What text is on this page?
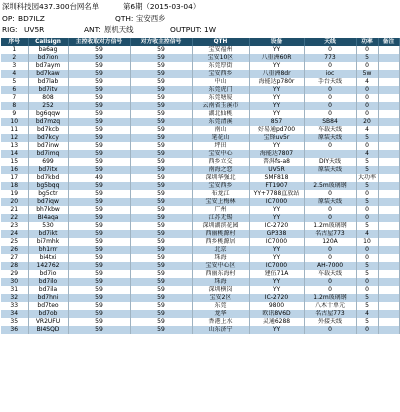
深圳科技园437.300台网名单	第6期（2015-03-04）
OP: BD7ILZ	QTH: 宝安西乡
RIG: UV5R	ANT: 原机天线	OUTPUT: 1W
序号	Callsign	主控收取对方信号	对方收主控信号	QTH	设备	天线	功率	备注
1	ba6ag	59	59	宝安福州	YY	0	0	
2	bd7ion	59	59	宝安10区	八重洲60R	773	5	
3	bd7aym	59	59	东莞厚街	YY	0	0	
4	bd7kaw	59	59	宝安西乡	八重洲8dr	ioc	5w	
5	bd7lab	59	59	中山	海能达p780r	手台天线	4	
6	bd7itv	59	59	东莞虎门	YY	0	0	
7	808	59	59	东莞塘厦	YY	0	0	
8	252	59	59	云南省玉溪市	YY	0	0	
9	bg6qqw	59	59	湖北仙桃	YY	0	0	
10	bd7mzq	59	59	东莞清溪	857	SB84	20	
11	bd7kcb	59	59	南山	好易通pd700	车载天线	4	
12	bd7kcy	59	59	笔花山	宝锋uv5r	原装天线	5	
13	bd7inw	59	59	坪田	YY	0	0	
14	bd7imq	59	59	宝安中心	海能达7807		4	
15	699	59	59	西乡立交	普洱fs-a8	DIY天线	5	
16	bd7itx	59	59	南海之恋	UV5R	原装天线	5	
17	bd7kbd	49	59	深圳华强北	SMF818		大功率	
18	bg5bqq	59	59	宝安西乡	FT1907	2.5m玻璃钢	5	
19	bg5ctr	59	59	布龙江	YY+7788直放站	0	0	
20	bd7iqw	59	59	宝安上梅林	IC7000	原装天线	5	
21	bh7kbw	59	59	广州	YY	0	0	
22	BI4aqa	59	59	江苏无锡	YY	0	0	
23	530	59	59	深圳湖滨花园	IC-2720	1.2m玻璃钢	5	
24	bd7ikt	59	59	西丽桃源村	GP338	名古屋773	4	
25	bi7mhk	59	59	西乡桃源居	IC7000	120A	10	
26	bh1rrr	59	59	北京	YY	0	0	
27	bi4txi	59	59	珠海	YY	0	0	
28	142762	59	59	宝安中心区	IC7000	AH-7000	5	
29	bd7io	59	59	西丽东海村	建伍71A	车载天线	5	
30	bd7ilo	59	59	珠海	YY	0	0	
31	bd7ila	59	59	深圳横岗	YY	0	0	
32	bd7hni	59	59	宝安2区	IC-2720	1.2m玻璃钢	5	
33	bd7teo	59	59	东莞	9800	八木十单元	5	
34	bd7ob	59	59	龙华	欧讯8V6D	名古屋773	4	
35	VR2UFU	59	59	香港上水	灵通6288	外接天线	5	
36	BI4SQD	59	59	山东济宁	YY	0	0	
